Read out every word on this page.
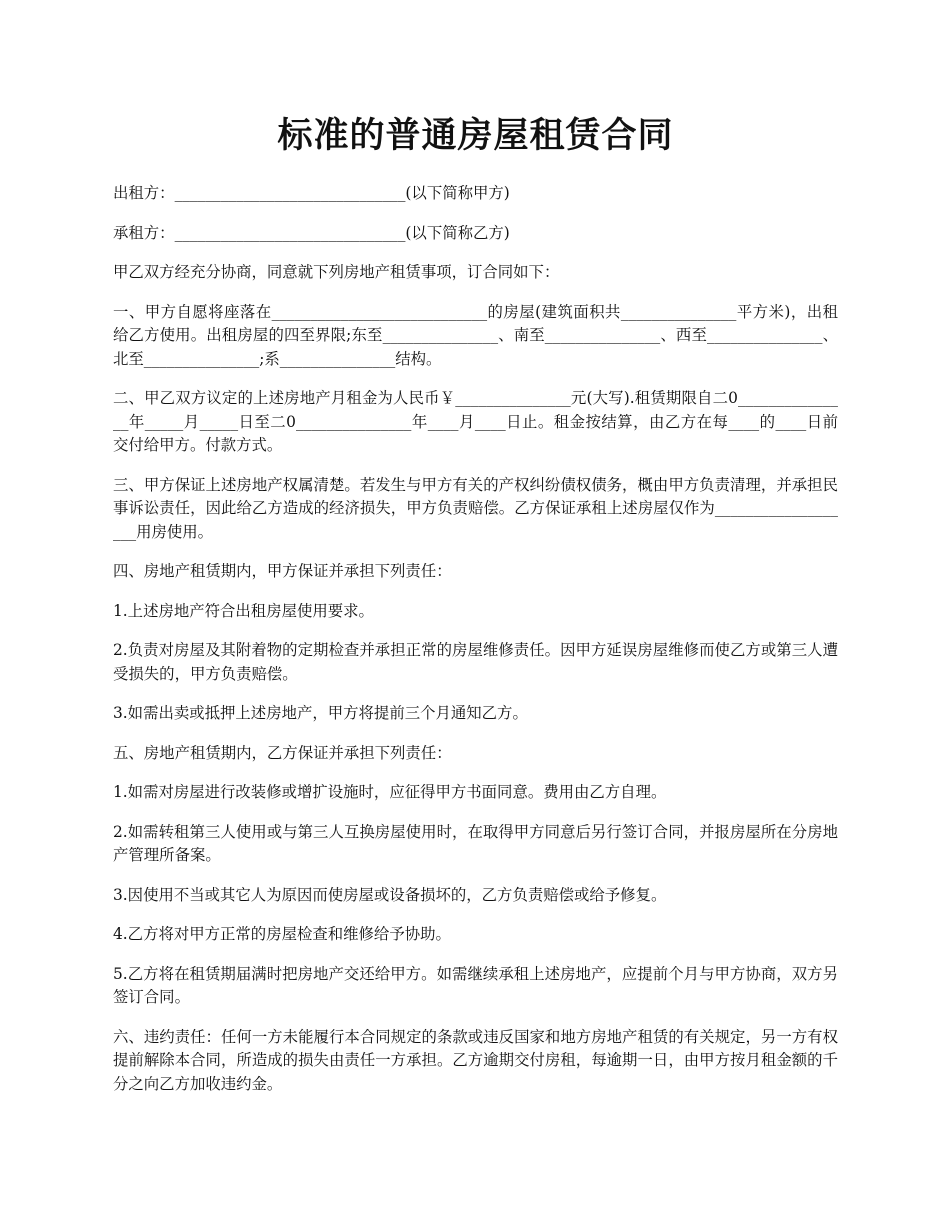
标准的普通房屋租赁合同

出租方：______________________________(以下简称甲方)

承租方：______________________________(以下简称乙方)

甲乙双方经充分协商，同意就下列房地产租赁事项，订合同如下：

一、甲方自愿将座落在____________________________的房屋(建筑面积共_______________平方米)，出租给乙方使用。出租房屋的四至界限;东至_______________、南至_______________、西至_______________、北至_______________;系_______________结构。

二、甲乙双方议定的上述房地产月租金为人民币￥_______________元(大写).租赁期限自二0_______________年_____月_____日至二0_______________年____月____日止。租金按结算，由乙方在每____的____日前交付给甲方。付款方式。

三、甲方保证上述房地产权属清楚。若发生与甲方有关的产权纠纷债权债务，概由甲方负责清理，并承担民事诉讼责任，因此给乙方造成的经济损失，甲方负责赔偿。乙方保证承租上述房屋仅作为___________________用房使用。

四、房地产租赁期内，甲方保证并承担下列责任：

1.上述房地产符合出租房屋使用要求。

2.负责对房屋及其附着物的定期检查并承担正常的房屋维修责任。因甲方延误房屋维修而使乙方或第三人遭受损失的，甲方负责赔偿。

3.如需出卖或抵押上述房地产，甲方将提前三个月通知乙方。

五、房地产租赁期内，乙方保证并承担下列责任：

1.如需对房屋进行改装修或增扩设施时，应征得甲方书面同意。费用由乙方自理。

2.如需转租第三人使用或与第三人互换房屋使用时，在取得甲方同意后另行签订合同，并报房屋所在分房地产管理所备案。

3.因使用不当或其它人为原因而使房屋或设备损坏的，乙方负责赔偿或给予修复。

4.乙方将对甲方正常的房屋检查和维修给予协助。

5.乙方将在租赁期届满时把房地产交还给甲方。如需继续承租上述房地产，应提前个月与甲方协商，双方另签订合同。

六、违约责任：任何一方未能履行本合同规定的条款或违反国家和地方房地产租赁的有关规定，另一方有权提前解除本合同，所造成的损失由责任一方承担。乙方逾期交付房租，每逾期一日，由甲方按月租金额的千分之向乙方加收违约金。
